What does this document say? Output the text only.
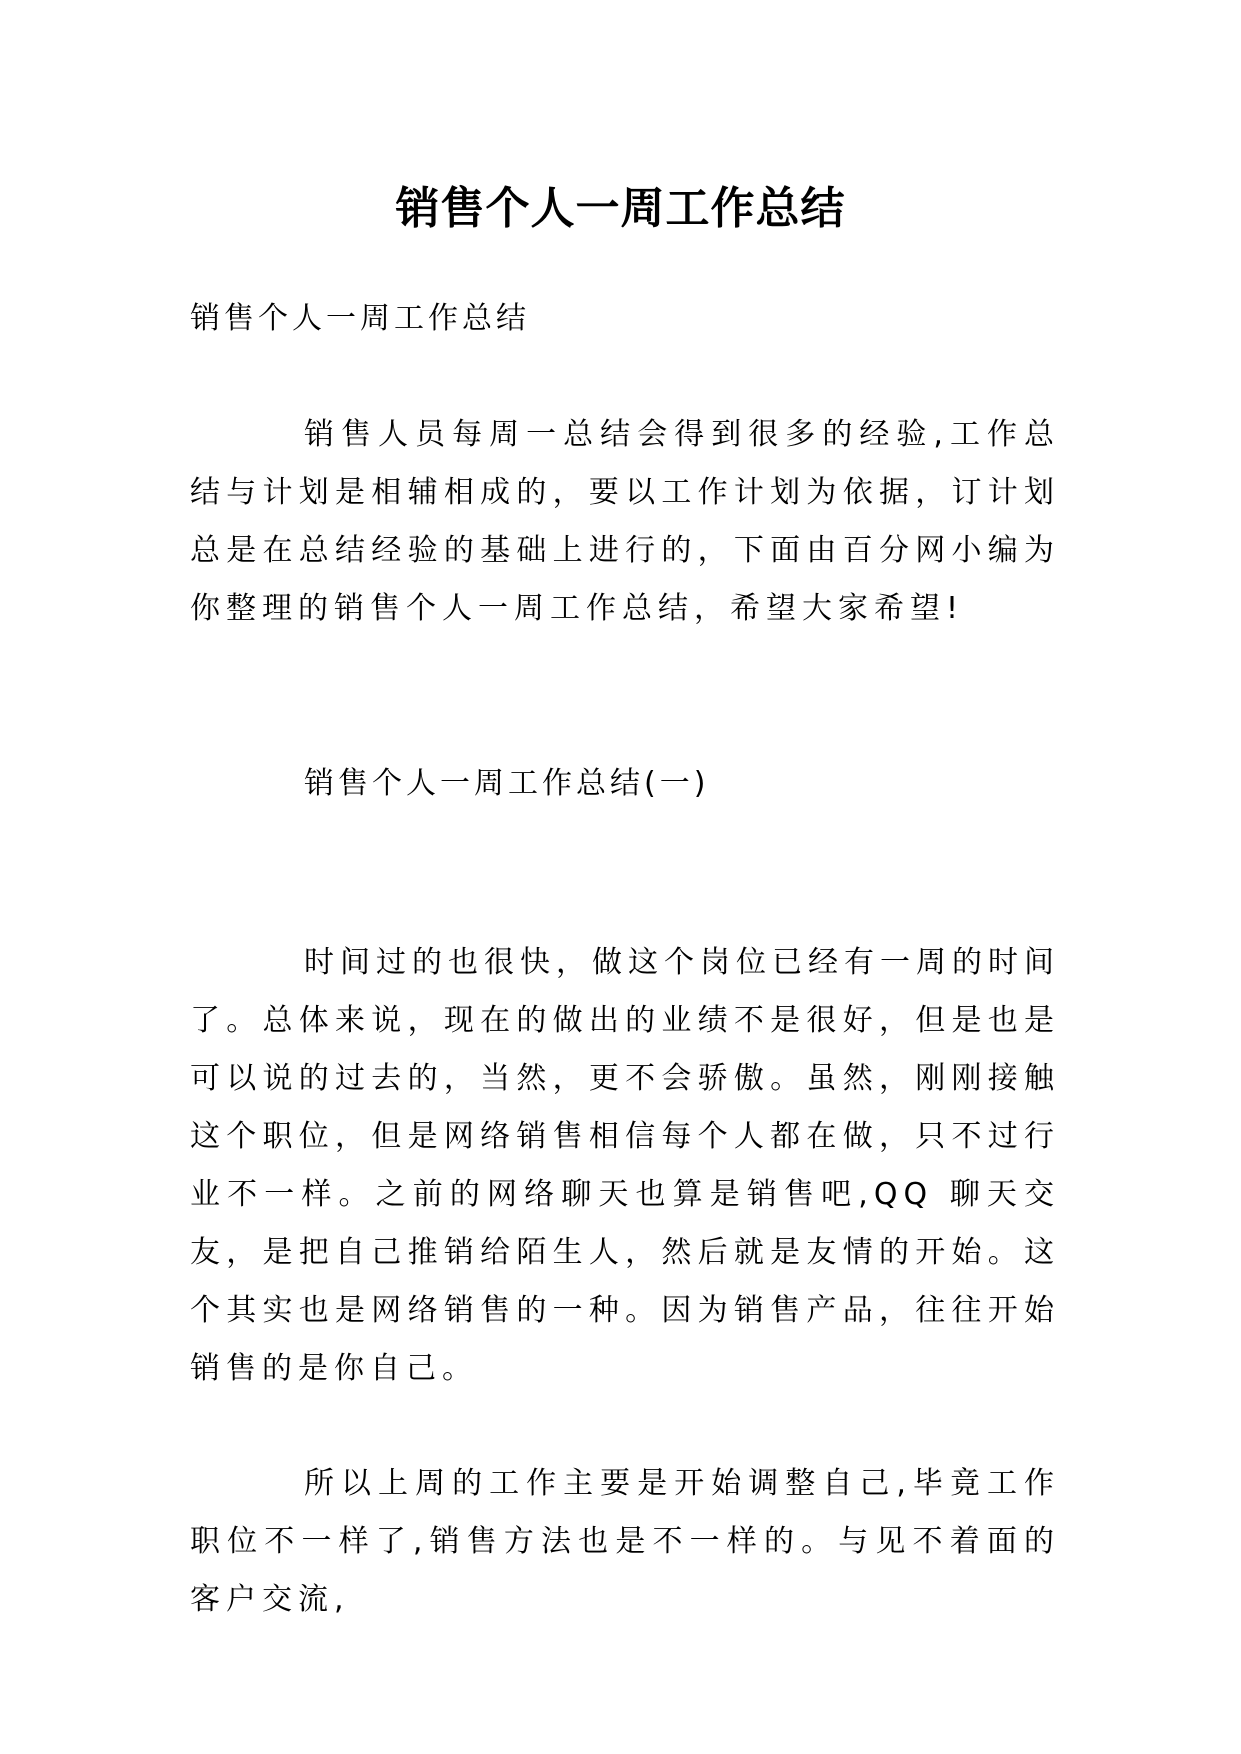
销售个人一周工作总结

销售个人一周工作总结

销售人员每周一总结会得到很多的经验,工作总结与计划是相辅相成的，要以工作计划为依据，订计划总是在总结经验的基础上进行的，下面由百分网小编为你整理的销售个人一周工作总结，希望大家希望!

销售个人一周工作总结(一)

时间过的也很快，做这个岗位已经有一周的时间了。总体来说，现在的做出的业绩不是很好，但是也是可以说的过去的，当然，更不会骄傲。虽然，刚刚接触这个职位，但是网络销售相信每个人都在做，只不过行业不一样。之前的网络聊天也算是销售吧,QQ 聊天交友，是把自己推销给陌生人，然后就是友情的开始。这个其实也是网络销售的一种。因为销售产品，往往开始销售的是你自己。

所以上周的工作主要是开始调整自己,毕竟工作职位不一样了,销售方法也是不一样的。与见不着面的客户交流,
